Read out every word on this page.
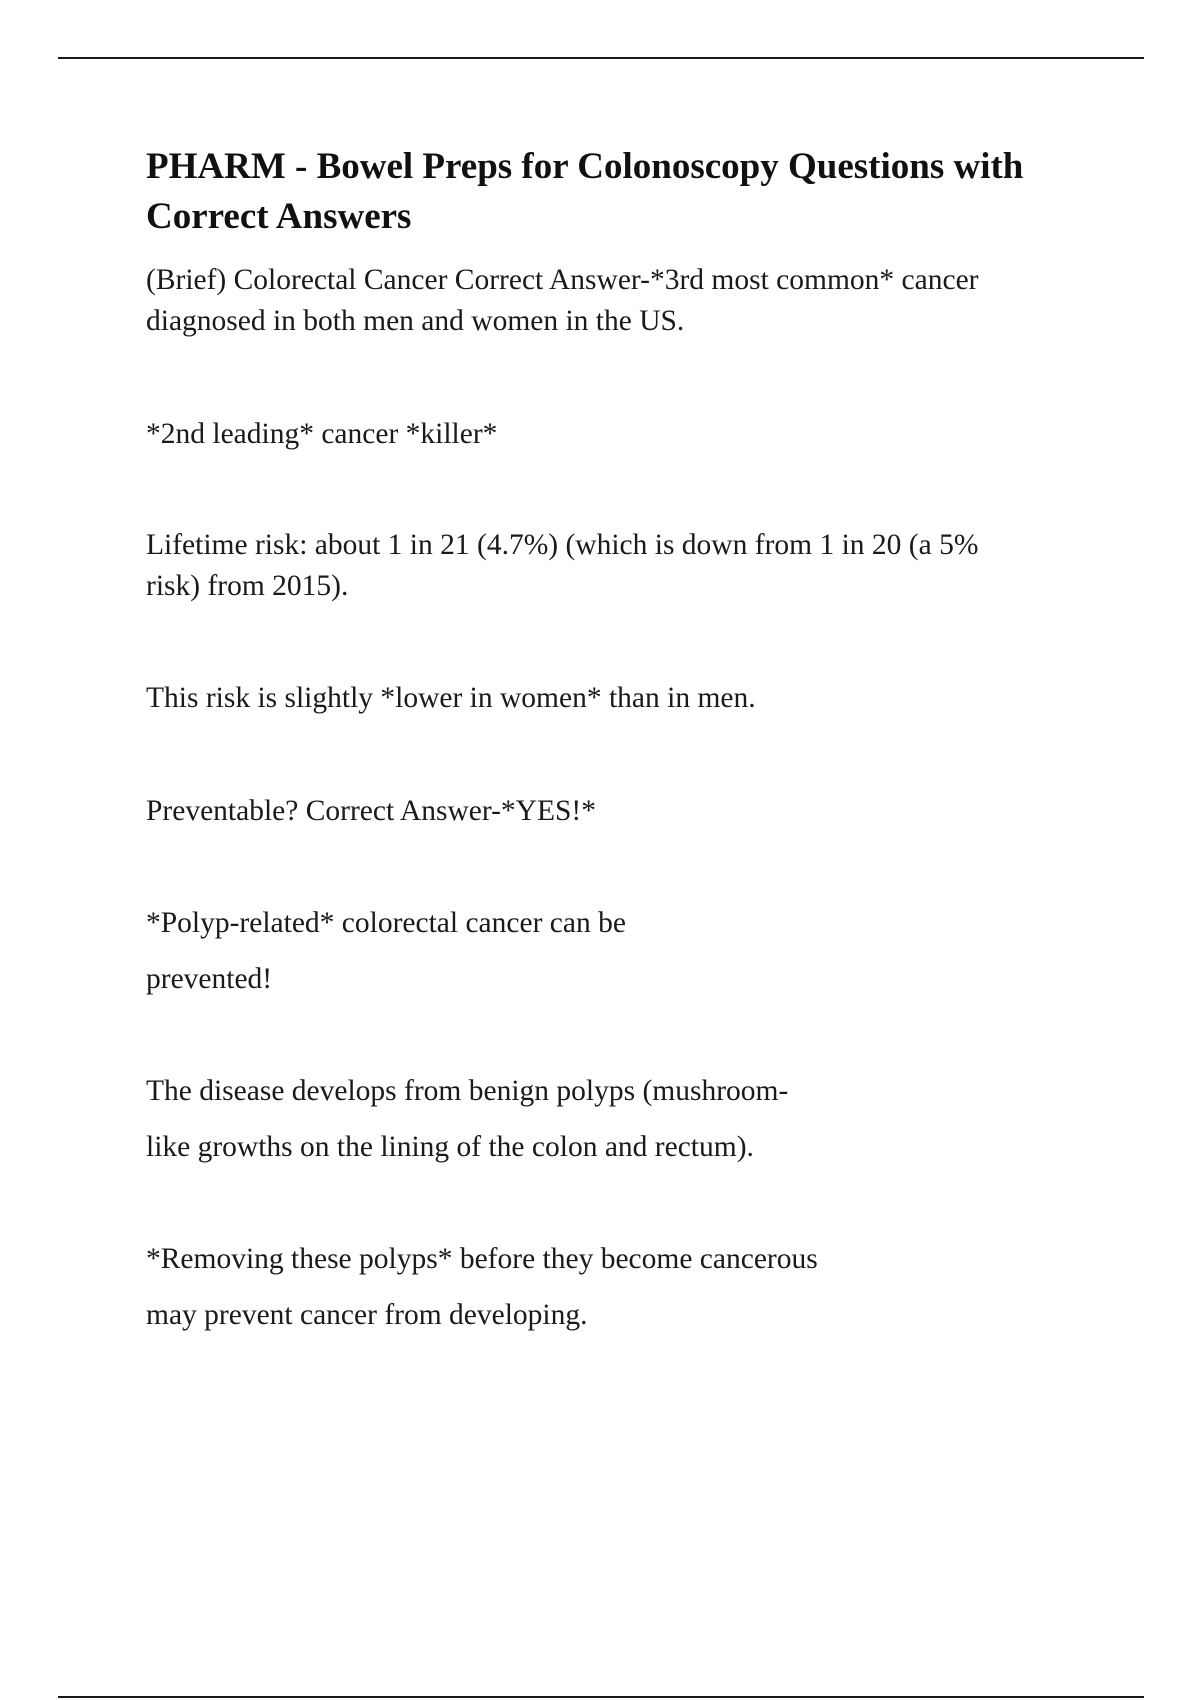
PHARM - Bowel Preps for Colonoscopy Questions with Correct Answers
(Brief) Colorectal Cancer Correct Answer-*3rd most common* cancer
diagnosed in both men and women in the US.
*2nd leading* cancer *killer*
Lifetime risk: about 1 in 21 (4.7%) (which is down from 1 in 20 (a 5%
risk) from 2015).
This risk is slightly *lower in women* than in men.
Preventable? Correct Answer-*YES!*
*Polyp-related* colorectal cancer can be
prevented!
The disease develops from benign polyps (mushroom-
like growths on the lining of the colon and rectum).
*Removing these polyps* before they become cancerous
may prevent cancer from developing.
